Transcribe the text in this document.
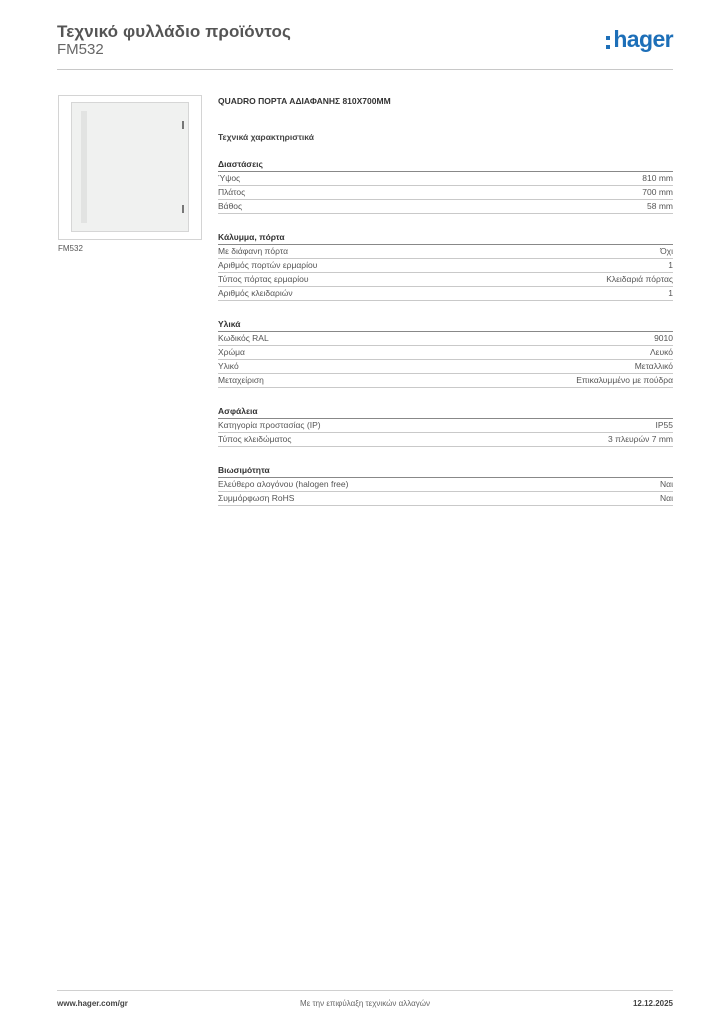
Τεχνικό φυλλάδιο προϊόντος
FM532	hager
FM532
QUADRO ΠΟΡΤΑ ΑΔΙΑΦΑΝΗΣ 810X700MM
Τεχνικά χαρακτηριστικά
Διαστάσεις
Ύψος	810 mm
Πλάτος	700 mm
Βάθος	58 mm
Κάλυμμα, πόρτα
Με διάφανη πόρτα	Όχι
Αριθμός πορτών ερμαρίου	1
Τύπος πόρτας ερμαρίου	Κλειδαριά πόρτας
Αριθμός κλειδαριών	1
Υλικά
Κωδικός RAL	9010
Χρώμα	Λευκό
Υλικό	Μεταλλικό
Μεταχείριση	Επικαλυμμένο με πούδρα
Ασφάλεια
Κατηγορία προστασίας (IP)	IP55
Τύπος κλειδώματος	3 πλευρών 7 mm
Βιωσιμότητα
Ελεύθερο αλογόνου (halogen free)	Ναι
Συμμόρφωση RoHS	Ναι
www.hager.com/gr	Με την επιφύλαξη τεχνικών αλλαγών	12.12.2025
